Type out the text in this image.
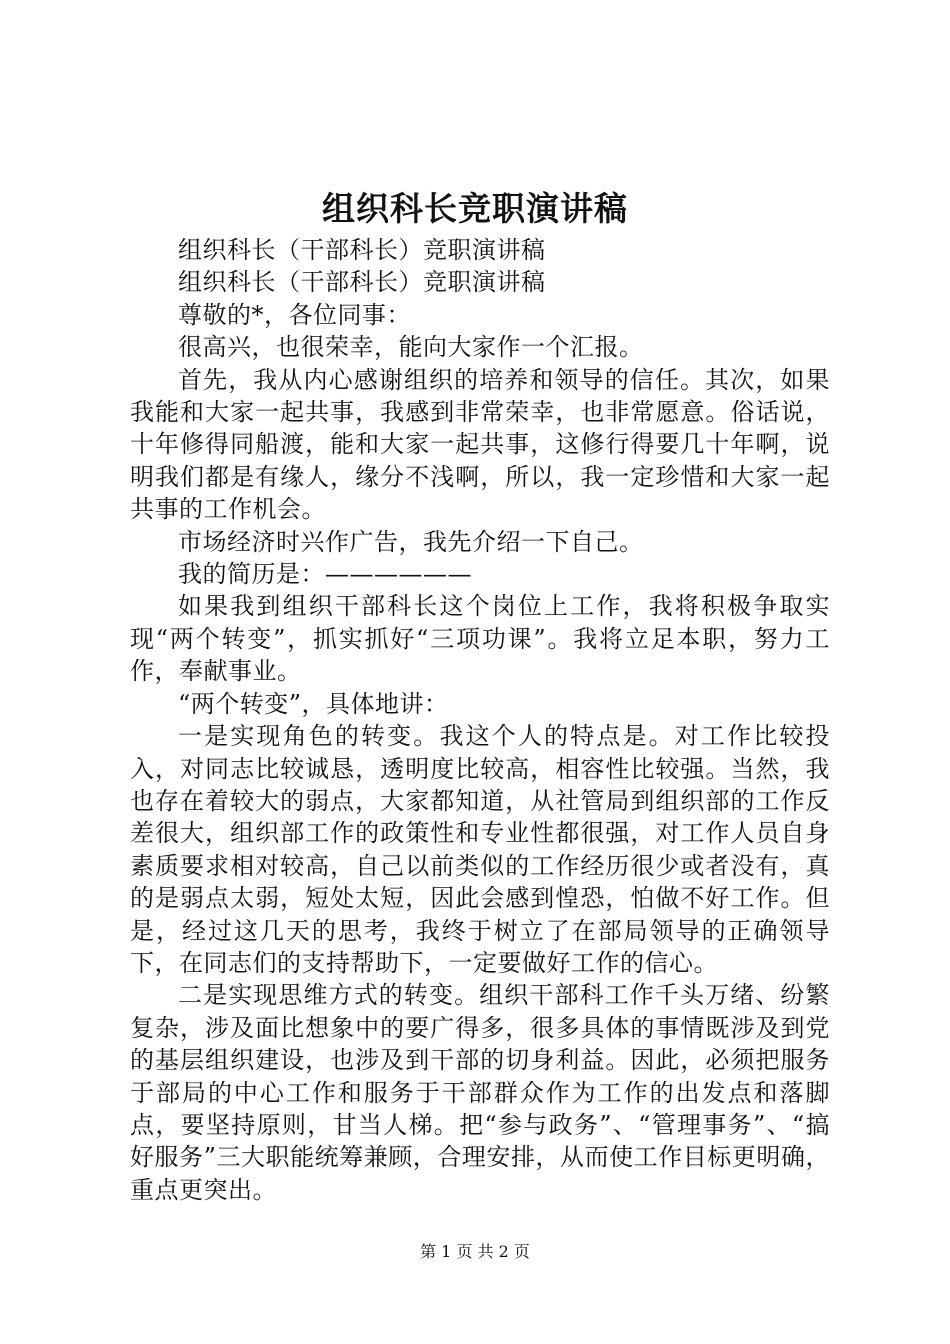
组织科长竞职演讲稿

组织科长（干部科长）竞职演讲稿

组织科长（干部科长）竞职演讲稿

尊敬的*，各位同事：

很高兴，也很荣幸，能向大家作一个汇报。

首先，我从内心感谢组织的培养和领导的信任。其次，如果我能和大家一起共事，我感到非常荣幸，也非常愿意。俗话说，十年修得同船渡，能和大家一起共事，这修行得要几十年啊，说明我们都是有缘人，缘分不浅啊，所以，我一定珍惜和大家一起共事的工作机会。

市场经济时兴作广告，我先介绍一下自己。

我的简历是：——————

如果我到组织干部科长这个岗位上工作，我将积极争取实现“两个转变”，抓实抓好“三项功课”。我将立足本职，努力工作，奉献事业。

“两个转变”，具体地讲：

一是实现角色的转变。我这个人的特点是。对工作比较投入，对同志比较诚恳，透明度比较高，相容性比较强。当然，我也存在着较大的弱点，大家都知道，从社管局到组织部的工作反差很大，组织部工作的政策性和专业性都很强，对工作人员自身素质要求相对较高，自己以前类似的工作经历很少或者没有，真的是弱点太弱，短处太短，因此会感到惶恐，怕做不好工作。但是，经过这几天的思考，我终于树立了在部局领导的正确领导下，在同志们的支持帮助下，一定要做好工作的信心。

二是实现思维方式的转变。组织干部科工作千头万绪、纷繁复杂，涉及面比想象中的要广得多，很多具体的事情既涉及到党的基层组织建设，也涉及到干部的切身利益。因此，必须把服务于部局的中心工作和服务于干部群众作为工作的出发点和落脚点，要坚持原则，甘当人梯。把“参与政务”、“管理事务”、“搞好服务”三大职能统筹兼顾，合理安排，从而使工作目标更明确，重点更突出。

第 1 页 共 2 页
